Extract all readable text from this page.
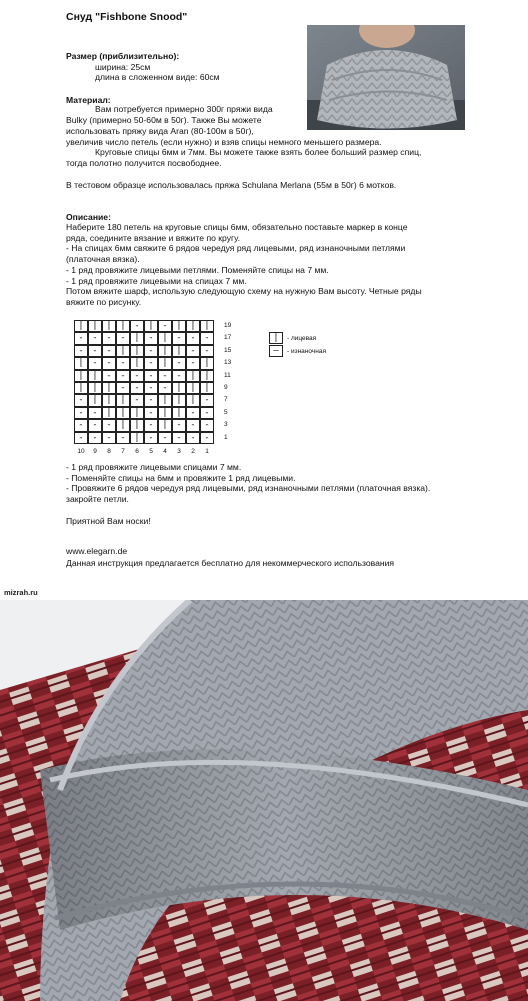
Снуд "Fishbone Snood"
Размер (приблизительно):
ширина: 25см
длина в сложенном виде: 60см
Материал:
Вам потребуется примерно 300г пряжи вида
Bulky (примерно 50-60м в 50г). Также Вы можете
использовать пряжу вида Aran (80-100м в 50г),
увеличив число петель (если нужно) и взяв спицы немного меньшего размера.
Круговые спицы 6мм и 7мм. Вы можете также взять более больший размер спиц,
тогда полотно получится посвободнее.
В тестовом образце использовалась пряжа Schulana Merlana (55м в 50г) 6 мотков.
Описание:
Наберите 180 петель на круговые спицы 6мм, обязательно поставьте маркер в конце
ряда, соедините вязание и вяжите по кругу.
- На спицах 6мм свяжите 6 рядов чередуя ряд лицевыми, ряд изнаночными петлями
(платочная вязка).
- 1 ряд провяжите лицевыми петлями. Поменяйте спицы на 7 мм.
- 1 ряд провяжите лицевыми на спицах 7 мм.
Потом вяжите шарф, использую следующую схему на нужную Вам высоту. Четные ряды
вяжите по рисунку.
| | | | - | - | | |	19
- - - - | - | - - -	17
- - - | | - | | - -	15
| - - - | - | - - |	13
| | - - - - - - | |	11
| | | - - - - | | |	9
- | | | - - | | | -	7
- - | | | - | | - -	5
- - - | | - | - - -	3
- - - - | - - - - -	1
10	9	8	7	6	5	4	3	2	1
|	- лицевая
—	- изнаночная
- 1 ряд провяжите лицевыми спицами 7 мм.
- Поменяйте спицы на 6мм и провяжите 1 ряд лицевыми.
- Провяжите 6 рядов чередуя ряд лицевыми, ряд изнаночными петлями (платочная вязка).
закройте петли.
Приятной Вам носки!
www.elegarn.de
Данная инструкция предлагается бесплатно для некоммерческого использования
mizrah.ru
